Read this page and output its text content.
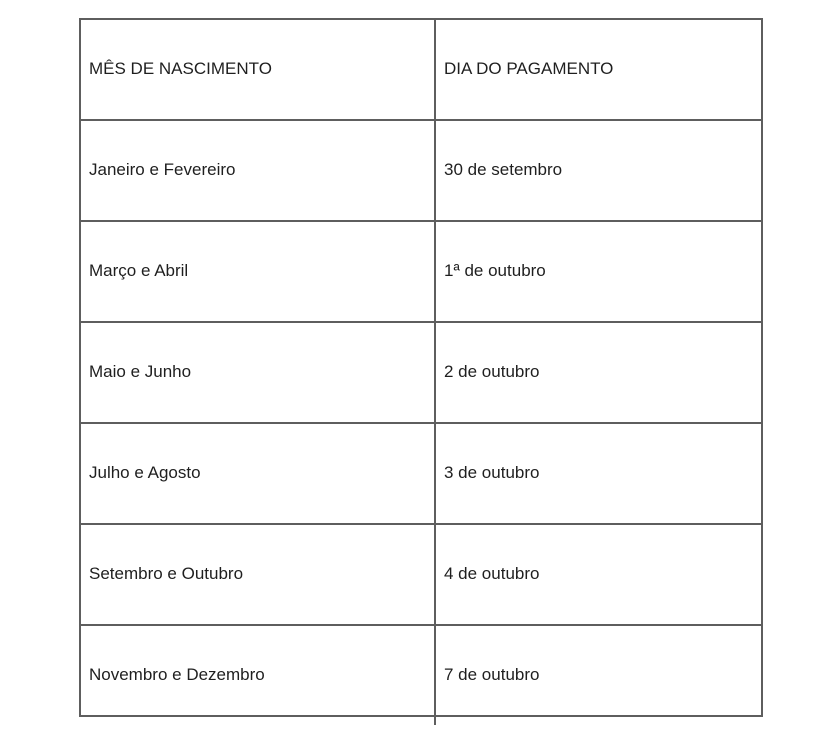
MÊS DE NASCIMENTO	DIA DO PAGAMENTO
Janeiro e Fevereiro	30 de setembro
Março e Abril	1ª de outubro
Maio e Junho	2 de outubro
Julho e Agosto	3 de outubro
Setembro e Outubro	4 de outubro
Novembro e Dezembro	7 de outubro
